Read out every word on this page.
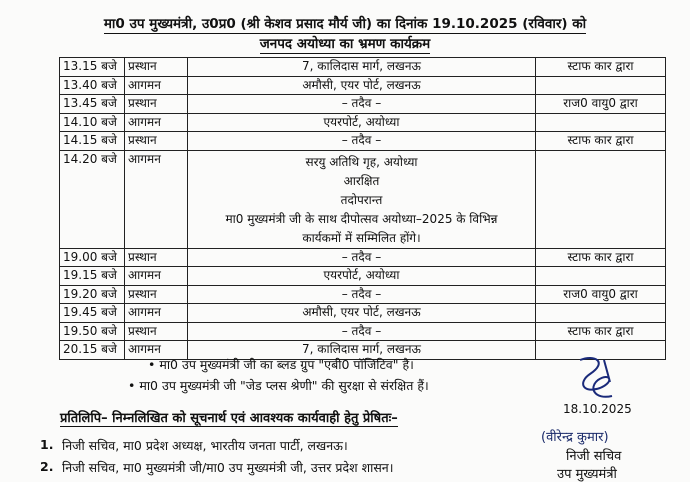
मा0 उप मुख्यमंत्री, उ0प्र0 (श्री केशव प्रसाद मौर्य जी) का दिनांक 19.10.2025 (रविवार) को
जनपद अयोध्या का भ्रमण कार्यक्रम
13.15 बजे	प्रस्थान	7, कालिदास मार्ग, लखनऊ	स्टाफ कार द्वारा
13.40 बजे	आगमन	अमौसी, एयर पोर्ट, लखनऊ	
13.45 बजे	प्रस्थान	– तदैव –	राज0 वायु0 द्वारा
14.10 बजे	आगमन	एयरपोर्ट, अयोध्या	
14.15 बजे	प्रस्थान	– तदैव –	स्टाफ कार द्वारा
14.20 बजे	आगमन	सरयु अतिथि गृह, अयोध्या
आरक्षित
तदोपरान्त
मा0 मुख्यमंत्री जी के साथ दीपोत्सव अयोध्या–2025 के विभिन्न
कार्यकमों में सम्मिलित होंगे।	

19.00 बजे	प्रस्थान	– तदैव –	स्टाफ कार द्वारा
19.15 बजे	आगमन	एयरपोर्ट, अयोध्या	
19.20 बजे	प्रस्थान	– तदैव –	राज0 वायु0 द्वारा
19.45 बजे	आगमन	अमौसी, एयर पोर्ट, लखनऊ	
19.50 बजे	प्रस्थान	– तदैव –	स्टाफ कार द्वारा
20.15 बजे	आगमन	7, कालिदास मार्ग, लखनऊ	
• मा0 उप मुख्यमंत्री जी का ब्लड ग्रुप "एबी0 पॉजिटिव" है।
• मा0 उप मुख्यमंत्री जी "जेड प्लस श्रेणी" की सुरक्षा से संरक्षित हैं।
18.10.2025
प्रतिलिपि– निम्नलिखित को सूचनार्थ एवं आवश्यक कार्यवाही हेतु प्रेषितः–
1. निजी सचिव, मा0 प्रदेश अध्यक्ष, भारतीय जनता पार्टी, लखनऊ।
2. निजी सचिव, मा0 मुख्यमंत्री जी/मा0 उप मुख्यमंत्री जी, उत्तर प्रदेश शासन।
(वीरेन्द्र कुमार)
निजी सचिव
उप मुख्यमंत्री
